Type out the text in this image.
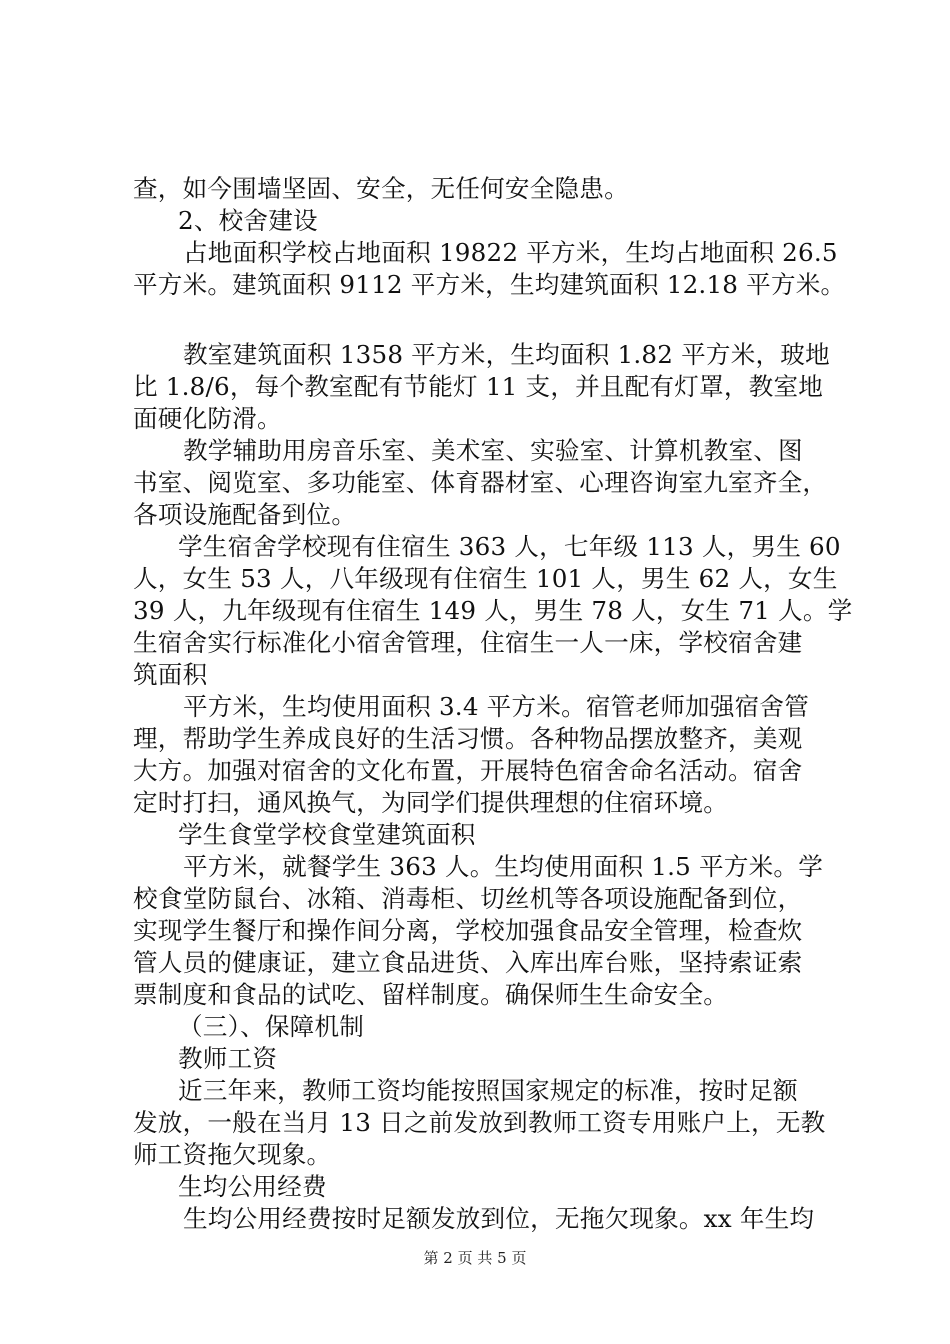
查，如今围墙坚固、安全，无任何安全隐患。
2、校舍建设
占地面积学校占地面积 19822 平方米，生均占地面积 26.5
平方米。建筑面积 9112 平方米，生均建筑面积 12.18 平方米。
教室建筑面积 1358 平方米，生均面积 1.82 平方米，玻地
比 1.8/6，每个教室配有节能灯 11 支，并且配有灯罩，教室地
面硬化防滑。
教学辅助用房音乐室、美术室、实验室、计算机教室、图
书室、阅览室、多功能室、体育器材室、心理咨询室九室齐全，
各项设施配备到位。
学生宿舍学校现有住宿生 363 人，七年级 113 人，男生 60
人，女生 53 人，八年级现有住宿生 101 人，男生 62 人，女生
39 人，九年级现有住宿生 149 人，男生 78 人，女生 71 人。学
生宿舍实行标准化小宿舍管理，住宿生一人一床，学校宿舍建
筑面积
平方米，生均使用面积 3.4 平方米。宿管老师加强宿舍管
理，帮助学生养成良好的生活习惯。各种物品摆放整齐，美观
大方。加强对宿舍的文化布置，开展特色宿舍命名活动。宿舍
定时打扫，通风换气，为同学们提供理想的住宿环境。
学生食堂学校食堂建筑面积
平方米，就餐学生 363 人。生均使用面积 1.5 平方米。学
校食堂防鼠台、冰箱、消毒柜、切丝机等各项设施配备到位，
实现学生餐厅和操作间分离，学校加强食品安全管理，检查炊
管人员的健康证，建立食品进货、入库出库台账，坚持索证索
票制度和食品的试吃、留样制度。确保师生生命安全。
（三）、保障机制
教师工资
近三年来，教师工资均能按照国家规定的标准，按时足额
发放，一般在当月 13 日之前发放到教师工资专用账户上，无教
师工资拖欠现象。
生均公用经费
生均公用经费按时足额发放到位，无拖欠现象。xx 年生均
第 2 页 共 5 页
